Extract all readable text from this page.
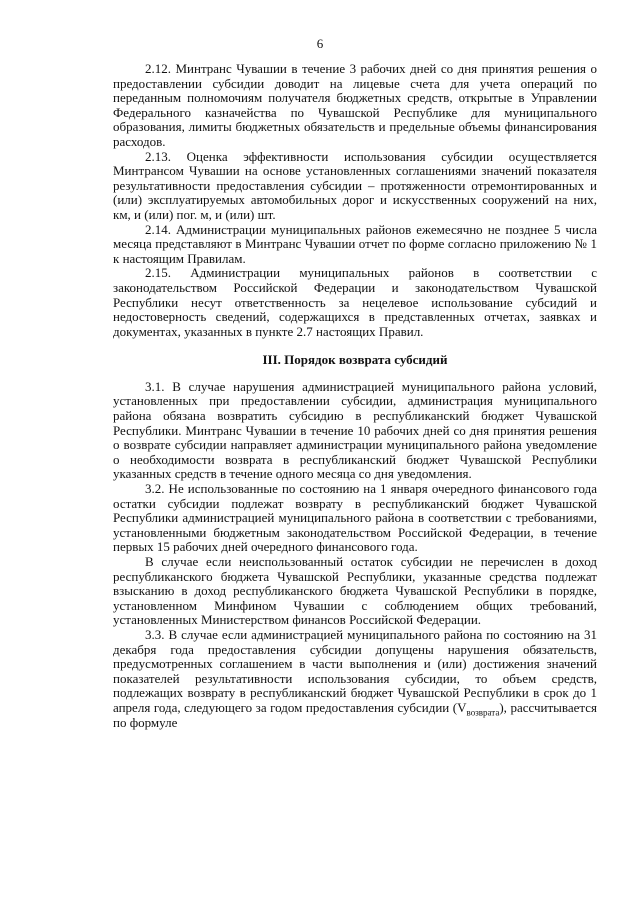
6

2.12. Минтранс Чувашии в течение 3 рабочих дней со дня принятия решения о предоставлении субсидии доводит на лицевые счета для учета операций по переданным полномочиям получателя бюджетных средств, открытые в Управлении Федерального казначейства по Чувашской Республике для муниципального образования, лимиты бюджетных обязательств и предельные объемы финансирования расходов.

2.13. Оценка эффективности использования субсидии осуществляется Минтрансом Чувашии на основе установленных соглашениями значений показателя результативности предоставления субсидии – протяженности отремонтированных и (или) эксплуатируемых автомобильных дорог и искусственных сооружений на них, км, и (или) пог. м, и (или) шт.

2.14. Администрации муниципальных районов ежемесячно не позднее 5 числа месяца представляют в Минтранс Чувашии отчет по форме согласно приложению № 1 к настоящим Правилам.

2.15. Администрации муниципальных районов в соответствии с законодательством Российской Федерации и законодательством Чувашской Республики несут ответственность за нецелевое использование субсидий и недостоверность сведений, содержащихся в представленных отчетах, заявках и документах, указанных в пункте 2.7 настоящих Правил.

III. Порядок возврата субсидий

3.1. В случае нарушения администрацией муниципального района условий, установленных при предоставлении субсидии, администрация муниципального района обязана возвратить субсидию в республиканский бюджет Чувашской Республики. Минтранс Чувашии в течение 10 рабочих дней со дня принятия решения о возврате субсидии направляет администрации муниципального района уведомление о необходимости возврата в республиканский бюджет Чувашской Республики указанных средств в течение одного месяца со дня уведомления.

3.2. Не использованные по состоянию на 1 января очередного финансового года остатки субсидии подлежат возврату в республиканский бюджет Чувашской Республики администрацией муниципального района в соответствии с требованиями, установленными бюджетным законодательством Российской Федерации, в течение первых 15 рабочих дней очередного финансового года.

В случае если неиспользованный остаток субсидии не перечислен в доход республиканского бюджета Чувашской Республики, указанные средства подлежат взысканию в доход республиканского бюджета Чувашской Республики в порядке, установленном Минфином Чувашии с соблюдением общих требований, установленных Министерством финансов Российской Федерации.

3.3. В случае если администрацией муниципального района по состоянию на 31 декабря года предоставления субсидии допущены нарушения обязательств, предусмотренных соглашением в части выполнения и (или) достижения значений показателей результативности использования субсидии, то объем средств, подлежащих возврату в республиканский бюджет Чувашской Республики в срок до 1 апреля года, следующего за годом предоставления субсидии $(V_{возврата})$, рассчитывается по формуле
